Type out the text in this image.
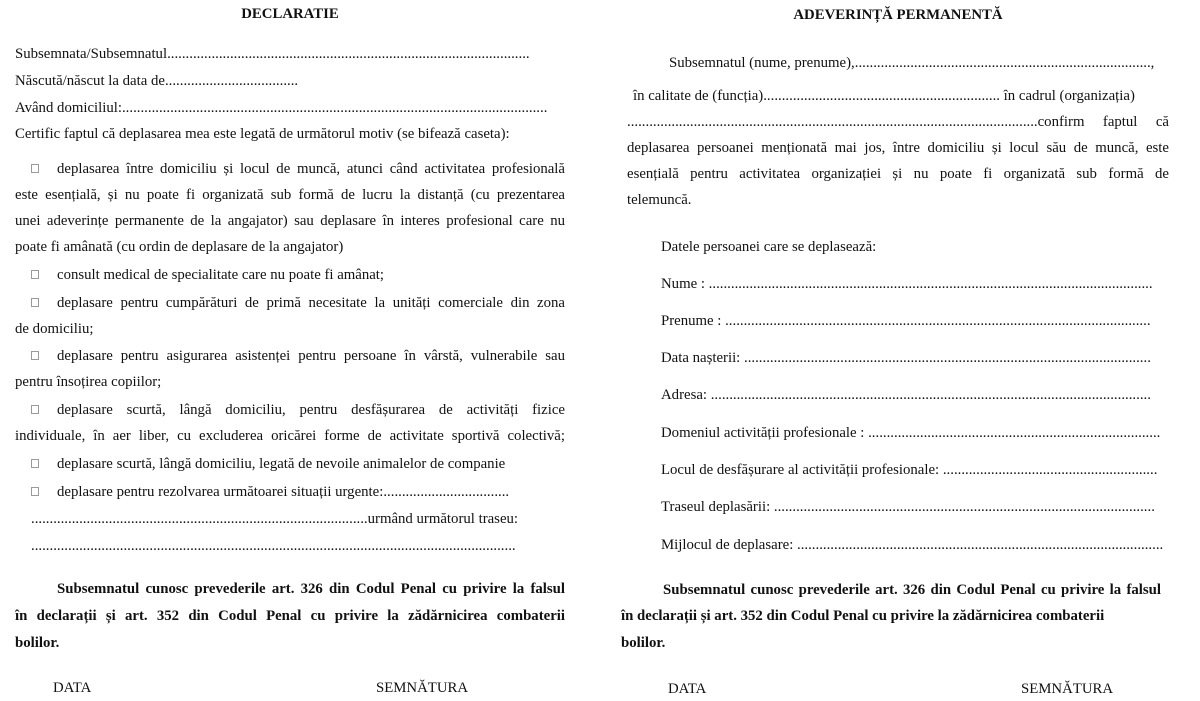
DECLARATIE
Subsemnata/Subsemnatul..................................................................................................
Născută/născut la data de....................................
Având domiciliul:...................................................................................................................
Certific faptul că deplasarea mea este legată de următorul motiv (se bifează caseta):
deplasarea între domiciliu și locul de muncă, atunci când activitatea profesională
este esențială, și nu poate fi organizată sub formă de lucru la distanță (cu prezentarea
unei adeverințe permanente de la angajator) sau deplasare în interes profesional care nu
poate fi amânată (cu ordin de deplasare de la angajator)
consult medical de specialitate care nu poate fi amânat;
deplasare pentru cumpărături de primă necesitate la unități comerciale din zona
de domiciliu;
deplasare pentru asigurarea asistenței pentru persoane în vârstă, vulnerabile sau
pentru însoțirea copiilor;
deplasare scurtă, lângă domiciliu, pentru desfășurarea de activități fizice
individuale, în aer liber, cu excluderea oricărei forme de activitate sportivă colectivă;
deplasare scurtă, lângă domiciliu, legată de nevoile animalelor de companie
deplasare pentru rezolvarea următoarei situații urgente:..................................
...........................................................................................urmând următorul traseu:
...................................................................................................................................
Subsemnatul cunosc prevederile art. 326 din Codul Penal cu privire la falsul
în declarații și art. 352 din Codul Penal cu privire la zădărnicirea combaterii
bolilor.
DATA	SEMNĂTURA
ADEVERINȚĂ PERMANENTĂ
Subsemnatul (nume, prenume),................................................................................,
în calitate de (funcția)................................................................ în cadrul (organizația)
...............................................................................................................confirm faptul că
deplasarea persoanei menționată mai jos, între domiciliu și locul său de muncă, este
esențială pentru activitatea organizației și nu poate fi organizată sub formă de
telemuncă.
Datele persoanei care se deplasează:
Nume : ........................................................................................................................
Prenume : ...................................................................................................................
Data nașterii: ..............................................................................................................
Adresa: .......................................................................................................................
Domeniul activității profesionale : ...............................................................................
Locul de desfășurare al activității profesionale: ..........................................................
Traseul deplasării: .......................................................................................................
Mijlocul de deplasare: ...................................................................................................
Subsemnatul cunosc prevederile art. 326 din Codul Penal cu privire la falsul
în declarații și art. 352 din Codul Penal cu privire la zădărnicirea combaterii
bolilor.
DATA	SEMNĂTURA
